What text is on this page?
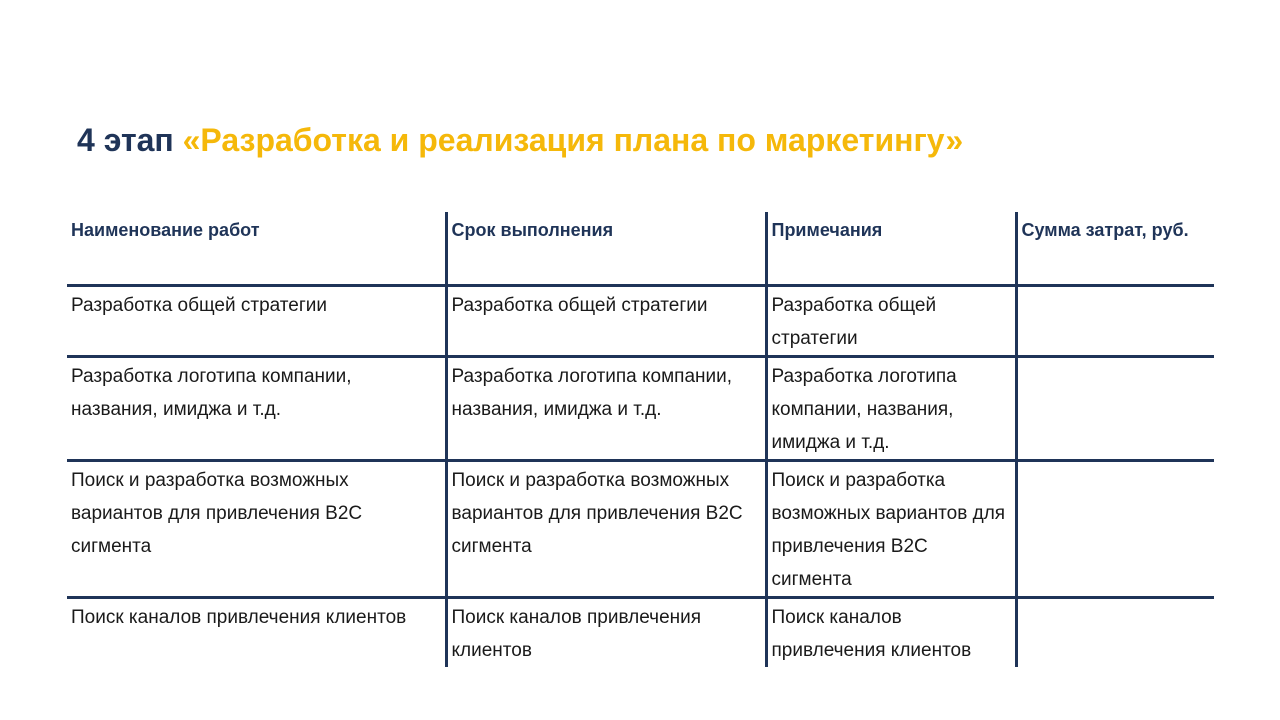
4 этап «Разработка и реализация плана по маркетингу»
Наименование работ	Срок выполнения	Примечания	Сумма затрат, руб.
Разработка общей стратегии	Разработка общей стратегии	Разработка общей стратегии	
Разработка логотипа компании, названия, имиджа и т.д.	Разработка логотипа компании, названия, имиджа и т.д.	Разработка логотипа компании, названия, имиджа и т.д.	
Поиск и разработка возможных вариантов для привлечения B2C сигмента	Поиск и разработка возможных вариантов для привлечения B2C сигмента	Поиск и разработка возможных вариантов для привлечения B2C сигмента	
Поиск каналов привлечения клиентов	Поиск каналов привлечения клиентов	Поиск каналов привлечения клиентов	
